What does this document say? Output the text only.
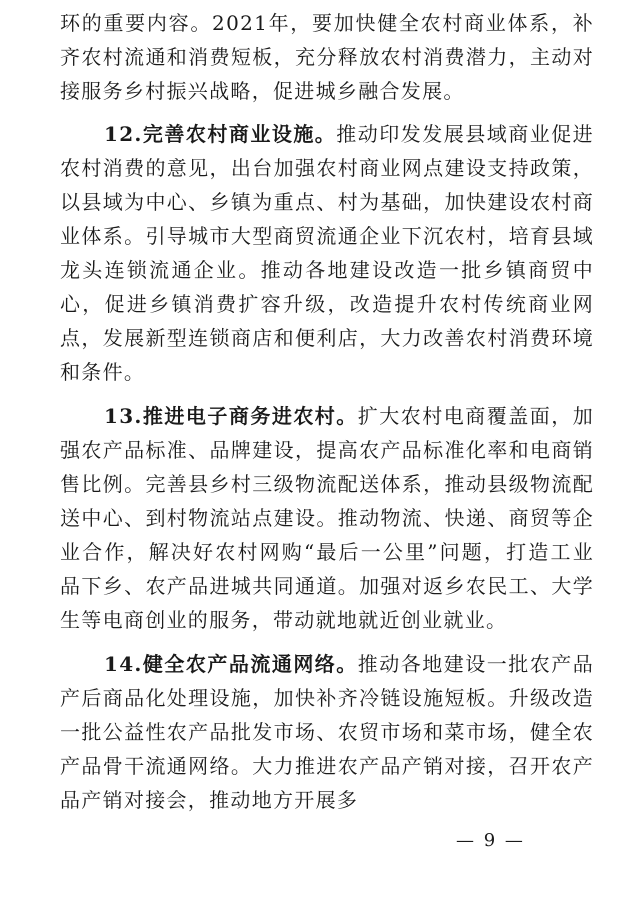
环的重要内容。2021年，要加快健全农村商业体系，补齐农村流通和消费短板，充分释放农村消费潜力，主动对接服务乡村振兴战略，促进城乡融合发展。

12.完善农村商业设施。推动印发发展县域商业促进农村消费的意见，出台加强农村商业网点建设支持政策，以县域为中心、乡镇为重点、村为基础，加快建设农村商业体系。引导城市大型商贸流通企业下沉农村，培育县域龙头连锁流通企业。推动各地建设改造一批乡镇商贸中心，促进乡镇消费扩容升级，改造提升农村传统商业网点，发展新型连锁商店和便利店，大力改善农村消费环境和条件。

13.推进电子商务进农村。扩大农村电商覆盖面，加强农产品标准、品牌建设，提高农产品标准化率和电商销售比例。完善县乡村三级物流配送体系，推动县级物流配送中心、到村物流站点建设。推动物流、快递、商贸等企业合作，解决好农村网购“最后一公里”问题，打造工业品下乡、农产品进城共同通道。加强对返乡农民工、大学生等电商创业的服务，带动就地就近创业就业。

14.健全农产品流通网络。推动各地建设一批农产品产后商品化处理设施，加快补齐冷链设施短板。升级改造一批公益性农产品批发市场、农贸市场和菜市场，健全农产品骨干流通网络。大力推进农产品产销对接，召开农产品产销对接会，推动地方开展多

— 9 —
